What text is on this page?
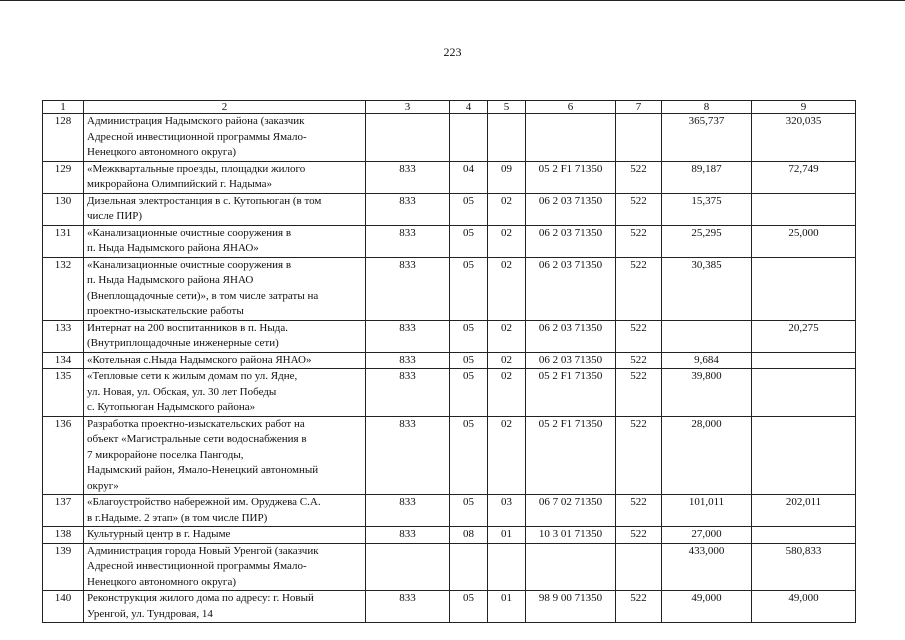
223
1	2	3	4	5	6	7	8	9
128	Администрация Надымского района (заказчик
Адресной инвестиционной программы Ямало-
Ненецкого автономного округа)						365,737	320,035
129	«Межквартальные проезды, площадки жилого
микрорайона Олимпийский г. Надыма»	833	04	09	05 2 F1 71350	522	89,187	72,749
130	Дизельная электростанция в с. Кутопьюган (в том
числе ПИР)	833	05	02	06 2 03 71350	522	15,375	
131	«Канализационные очистные сооружения в
п. Ныда Надымского района ЯНАО»	833	05	02	06 2 03 71350	522	25,295	25,000
132	«Канализационные очистные сооружения в
п. Ныда Надымского района ЯНАО
(Внеплощадочные сети)», в том числе затраты на
проектно-изыскательские работы	833	05	02	06 2 03 71350	522	30,385	
133	Интернат на 200 воспитанников в п. Ныда.
(Внутриплощадочные инженерные сети)	833	05	02	06 2 03 71350	522		20,275
134	«Котельная с.Ныда Надымского района ЯНАО»	833	05	02	06 2 03 71350	522	9,684	
135	«Тепловые сети к жилым домам по ул. Ядне,
ул. Новая, ул. Обская, ул. 30 лет Победы
с. Кутопьюган Надымского района»	833	05	02	05 2 F1 71350	522	39,800	
136	Разработка проектно-изыскательских работ на
объект «Магистральные сети водоснабжения в
7 микрорайоне поселка Пангоды,
Надымский район, Ямало-Ненецкий автономный
округ»	833	05	02	05 2 F1 71350	522	28,000	
137	«Благоустройство набережной им. Оруджева С.А.
в г.Надыме. 2 этап» (в том числе ПИР)	833	05	03	06 7 02 71350	522	101,011	202,011
138	Культурный центр в г. Надыме	833	08	01	10 3 01 71350	522	27,000	
139	Администрация города Новый Уренгой (заказчик
Адресной инвестиционной программы Ямало-
Ненецкого автономного округа)						433,000	580,833
140	Реконструкция жилого дома по адресу: г. Новый
Уренгой, ул. Тундровая, 14	833	05	01	98 9 00 71350	522	49,000	49,000
